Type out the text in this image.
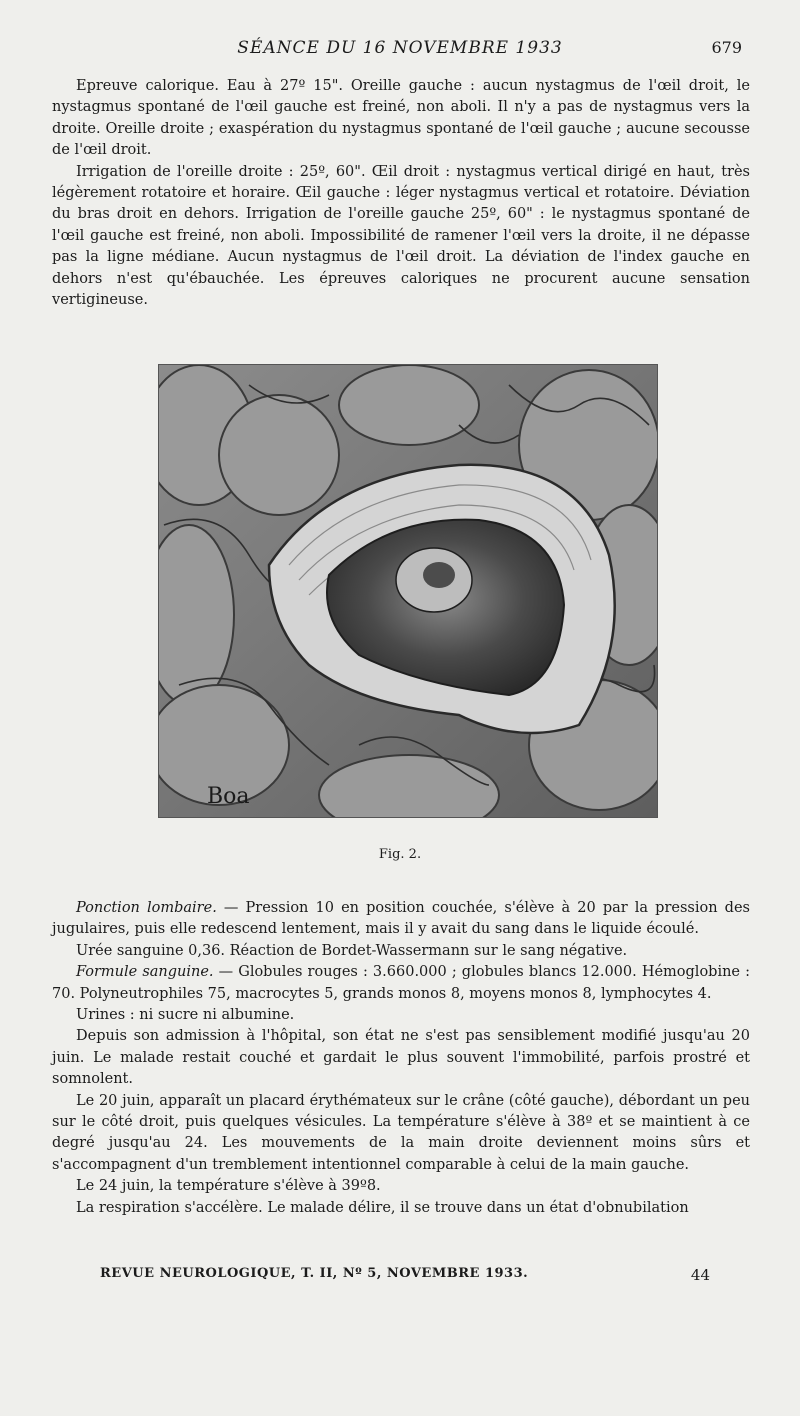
SÉANCE DU 16 NOVEMBRE 1933	679

Epreuve calorique. Eau à 27º 15". Oreille gauche : aucun nystagmus de l'œil droit, le nystagmus spontané de l'œil gauche est freiné, non aboli. Il n'y a pas de nystagmus vers la droite. Oreille droite ; exaspération du nystagmus spontané de l'œil gauche ; aucune secousse de l'œil droit.

Irrigation de l'oreille droite : 25º, 60". Œil droit : nystagmus vertical dirigé en haut, très légèrement rotatoire et horaire. Œil gauche : léger nystagmus vertical et rotatoire. Déviation du bras droit en dehors. Irrigation de l'oreille gauche 25º, 60" : le nystagmus spontané de l'œil gauche est freiné, non aboli. Impossibilité de ramener l'œil vers la droite, il ne dépasse pas la ligne médiane. Aucun nystagmus de l'œil droit. La déviation de l'index gauche en dehors n'est qu'ébauchée. Les épreuves caloriques ne procurent aucune sensation vertigineuse.

Boa
Fig. 2.

Ponction lombaire. — Pression 10 en position couchée, s'élève à 20 par la pression des jugulaires, puis elle redescend lentement, mais il y avait du sang dans le liquide écoulé.

Urée sanguine 0,36. Réaction de Bordet-Wassermann sur le sang négative.

Formule sanguine. — Globules rouges : 3.660.000 ; globules blancs 12.000. Hémoglobine : 70. Polyneutrophiles 75, macrocytes 5, grands monos 8, moyens monos 8, lymphocytes 4.

Urines : ni sucre ni albumine.

Depuis son admission à l'hôpital, son état ne s'est pas sensiblement modifié jusqu'au 20 juin. Le malade restait couché et gardait le plus souvent l'immobilité, parfois prostré et somnolent.

Le 20 juin, apparaît un placard érythémateux sur le crâne (côté gauche), débordant un peu sur le côté droit, puis quelques vésicules. La température s'élève à 38º et se maintient à ce degré jusqu'au 24. Les mouvements de la main droite deviennent moins sûrs et s'accompagnent d'un tremblement intentionnel comparable à celui de la main gauche.

Le 24 juin, la température s'élève à 39º8.

La respiration s'accélère. Le malade délire, il se trouve dans un état d'obnubilation

REVUE NEUROLOGIQUE, T. II, Nº 5, NOVEMBRE 1933.	44
